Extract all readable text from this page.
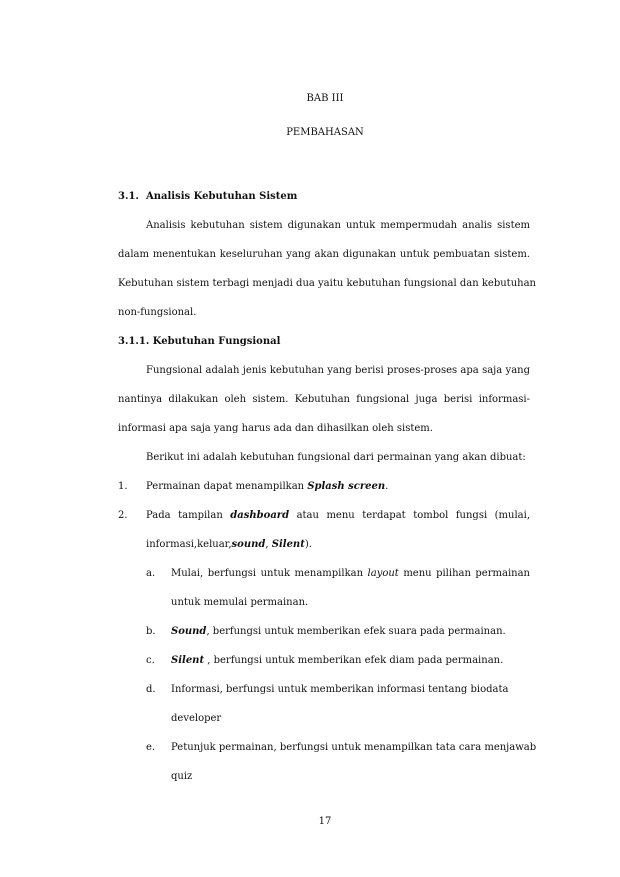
BAB III
PEMBAHASAN
3.1. Analisis Kebutuhan Sistem
Analisis kebutuhan sistem digunakan untuk mempermudah analis sistem
dalam menentukan keseluruhan yang akan digunakan untuk pembuatan sistem.
Kebutuhan sistem terbagi menjadi dua yaitu kebutuhan fungsional dan kebutuhan
non-fungsional.
3.1.1. Kebutuhan Fungsional
Fungsional adalah jenis kebutuhan yang berisi proses-proses apa saja yang
nantinya dilakukan oleh sistem. Kebutuhan fungsional juga berisi informasi-
informasi apa saja yang harus ada dan dihasilkan oleh sistem.
Berikut ini adalah kebutuhan fungsional dari permainan yang akan dibuat:
1. Permainan dapat menampilkan Splash screen.
2. Pada tampilan dashboard atau menu terdapat tombol fungsi (mulai,
informasi,keluar,sound, Silent).
a. Mulai, berfungsi untuk menampilkan layout menu pilihan permainan
untuk memulai permainan.
b. Sound, berfungsi untuk memberikan efek suara pada permainan.
c. Silent , berfungsi untuk memberikan efek diam pada permainan.
d. Informasi, berfungsi untuk memberikan informasi tentang biodata
developer
e. Petunjuk permainan, berfungsi untuk menampilkan tata cara menjawab
quiz
17
